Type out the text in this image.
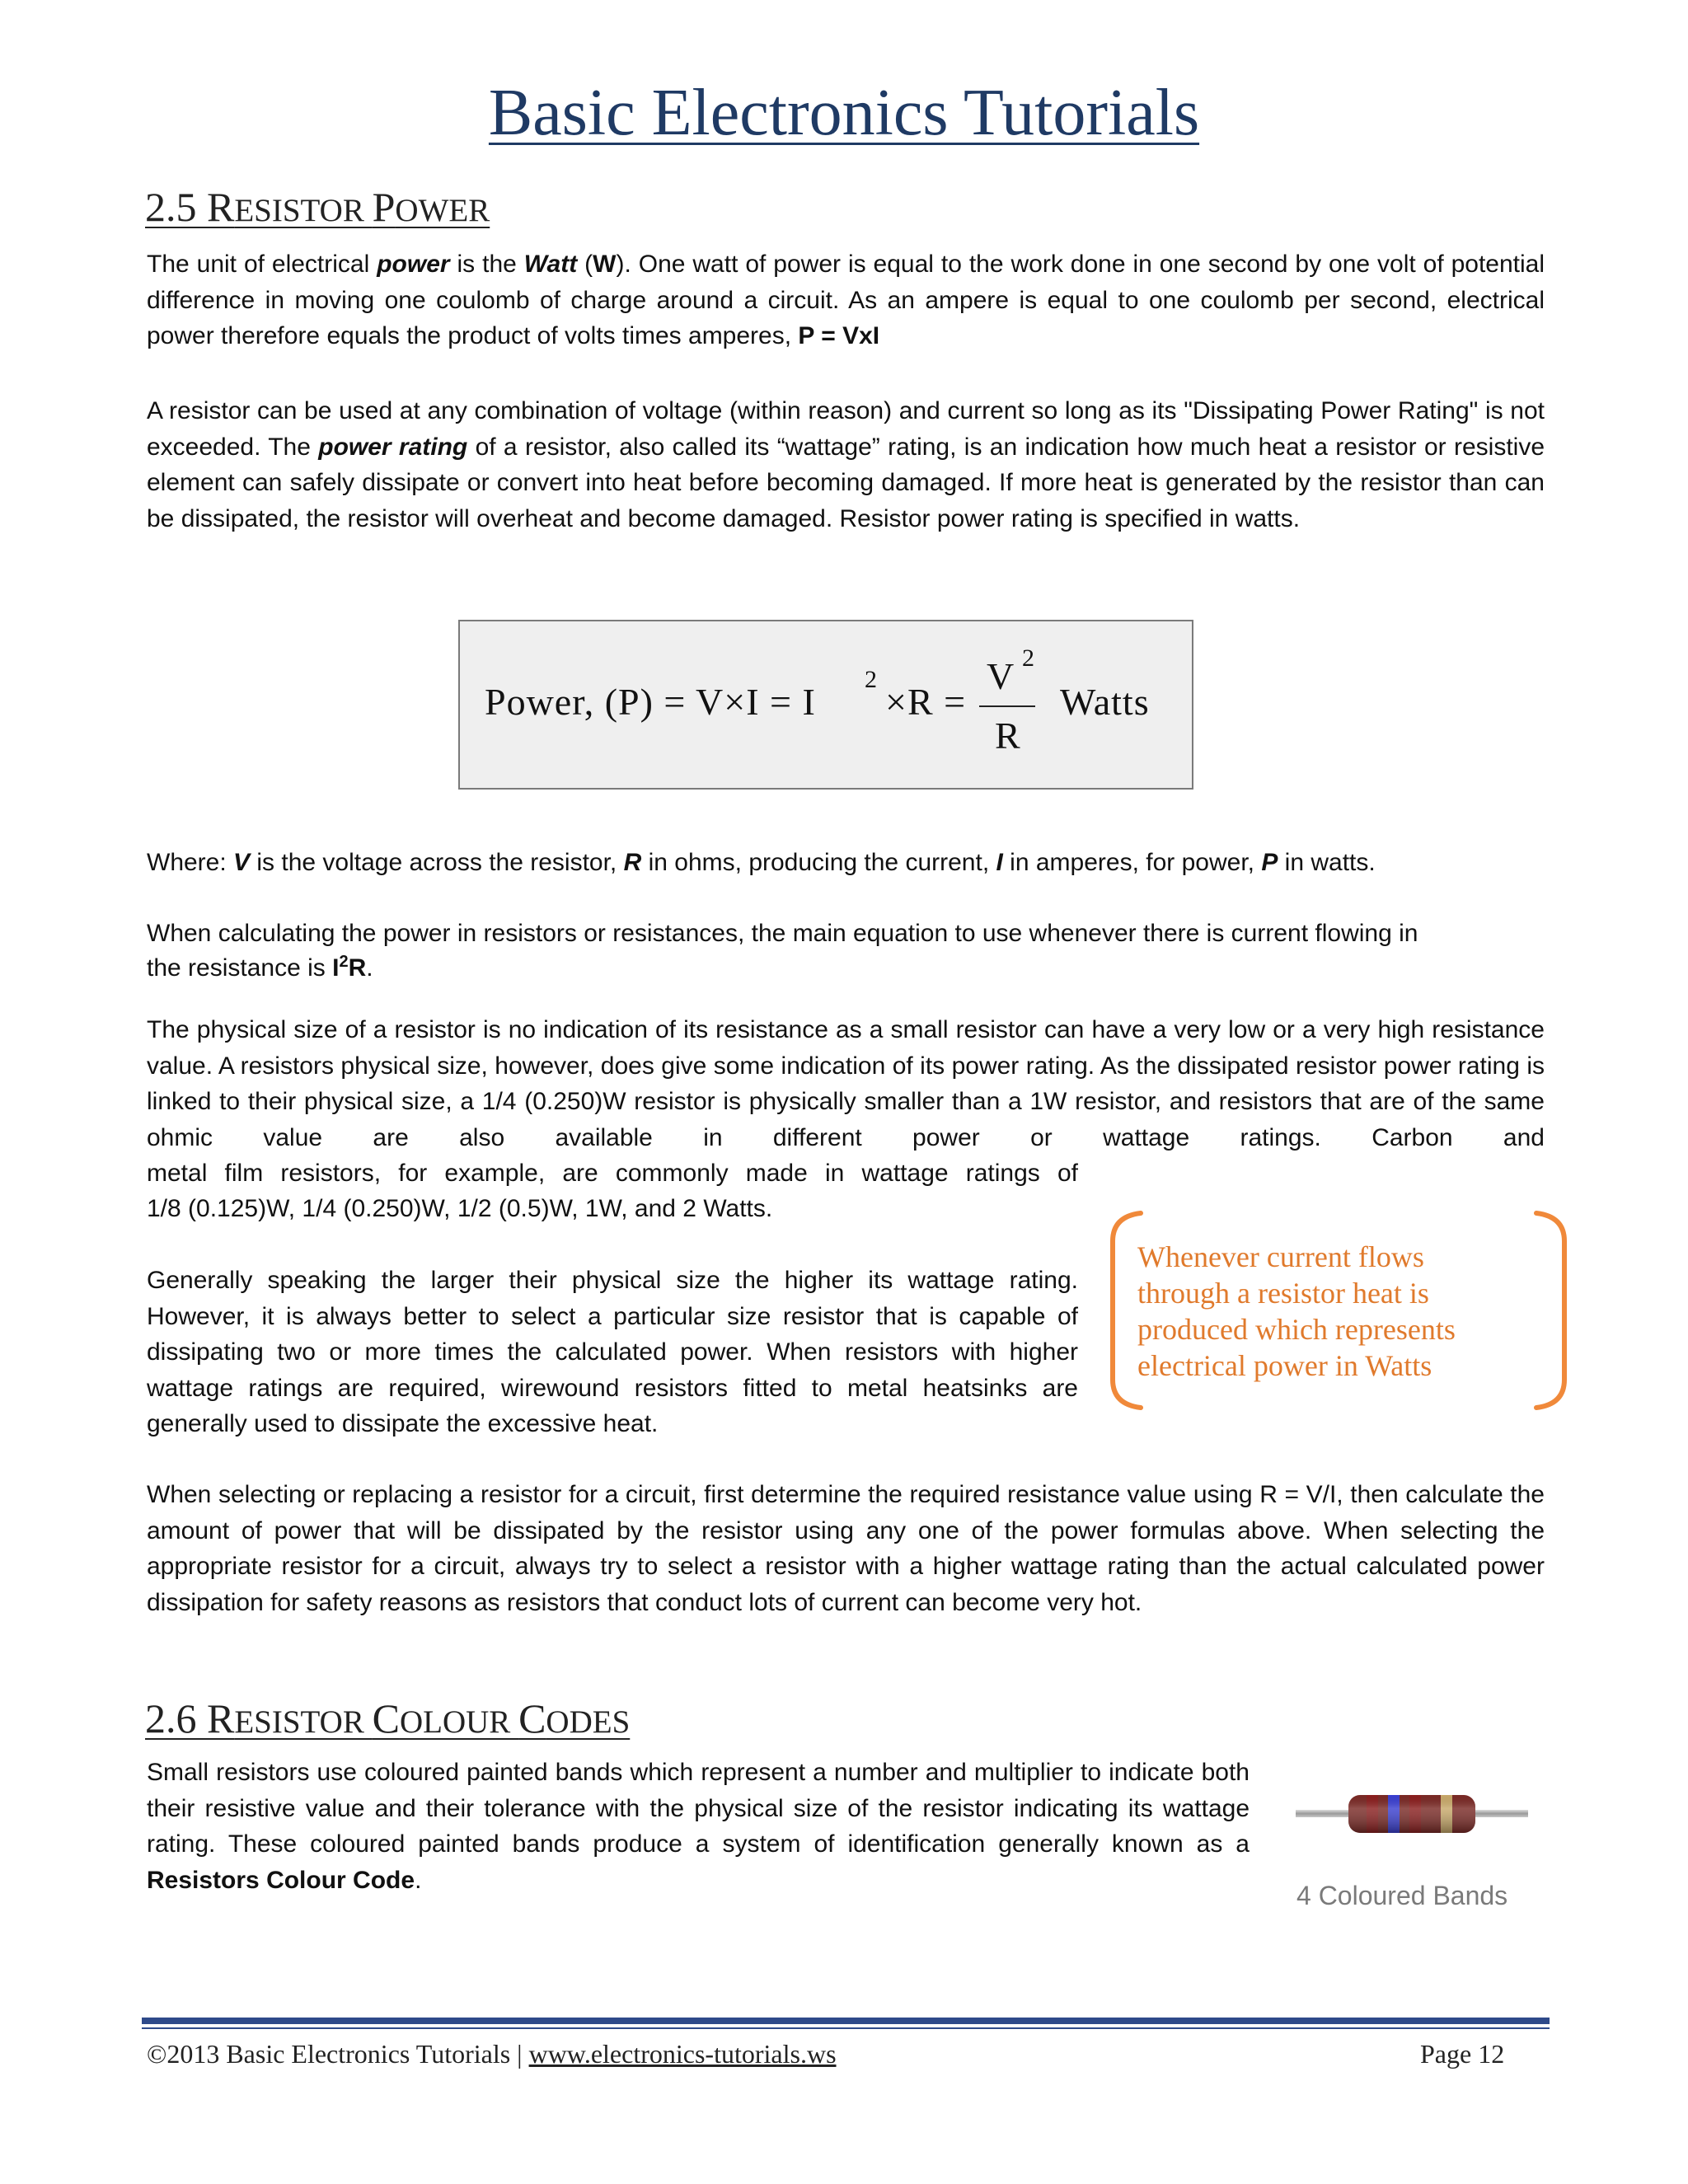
Basic Electronics Tutorials
2.5 RESISTOR POWER
The unit of electrical power is the Watt (W). One watt of power is equal to the work done in one second by one volt of potential difference in moving one coulomb of charge around a circuit. As an ampere is equal to one coulomb per second, electrical power therefore equals the product of volts times amperes, P = VxI
A resistor can be used at any combination of voltage (within reason) and current so long as its "Dissipating Power Rating" is not exceeded. The power rating of a resistor, also called its “wattage” rating, is an indication how much heat a resistor or resistive element can safely dissipate or convert into heat before becoming damaged. If more heat is generated by the resistor than can be dissipated, the resistor will overheat and become damaged. Resistor power rating is specified in watts.
Power, (P) = V×I = I
2
×R =
V 2
R
Watts
Where: V is the voltage across the resistor, R in ohms, producing the current, I in amperes, for power, P in watts.
When calculating the power in resistors or resistances, the main equation to use whenever there is current flowing in
the resistance is $I^2R$.
The physical size of a resistor is no indication of its resistance as a small resistor can have a very low or a very high resistance value. A resistors physical size, however, does give some indication of its power rating. As the dissipated resistor power rating is linked to their physical size, a 1/4 (0.250)W resistor is physically smaller than a 1W resistor, and resistors that are of the same ohmic value are also available in different power or wattage ratings. Carbon and
metal film resistors, for example, are commonly made in wattage ratings of
1/8 (0.125)W, 1/4 (0.250)W, 1/2 (0.5)W, 1W, and 2 Watts.
Generally speaking the larger their physical size the higher its wattage rating. However, it is always better to select a particular size resistor that is capable of dissipating two or more times the calculated power. When resistors with higher wattage ratings are required, wirewound resistors fitted to metal heatsinks are generally used to dissipate the excessive heat.
Whenever current flows
through a resistor heat is
produced which represents
electrical power in Watts
When selecting or replacing a resistor for a circuit, first determine the required resistance value using R = V/I, then calculate the amount of power that will be dissipated by the resistor using any one of the power formulas above. When selecting the appropriate resistor for a circuit, always try to select a resistor with a higher wattage rating than the actual calculated power dissipation for safety reasons as resistors that conduct lots of current can become very hot.
2.6 RESISTOR COLOUR CODES
Small resistors use coloured painted bands which represent a number and multiplier to indicate both their resistive value and their tolerance with the physical size of the resistor indicating its wattage rating. These coloured painted bands produce a system of identification generally known as a Resistors Colour Code.
4 Coloured Bands
©2013 Basic Electronics Tutorials | www.electronics-tutorials.ws	Page 12
